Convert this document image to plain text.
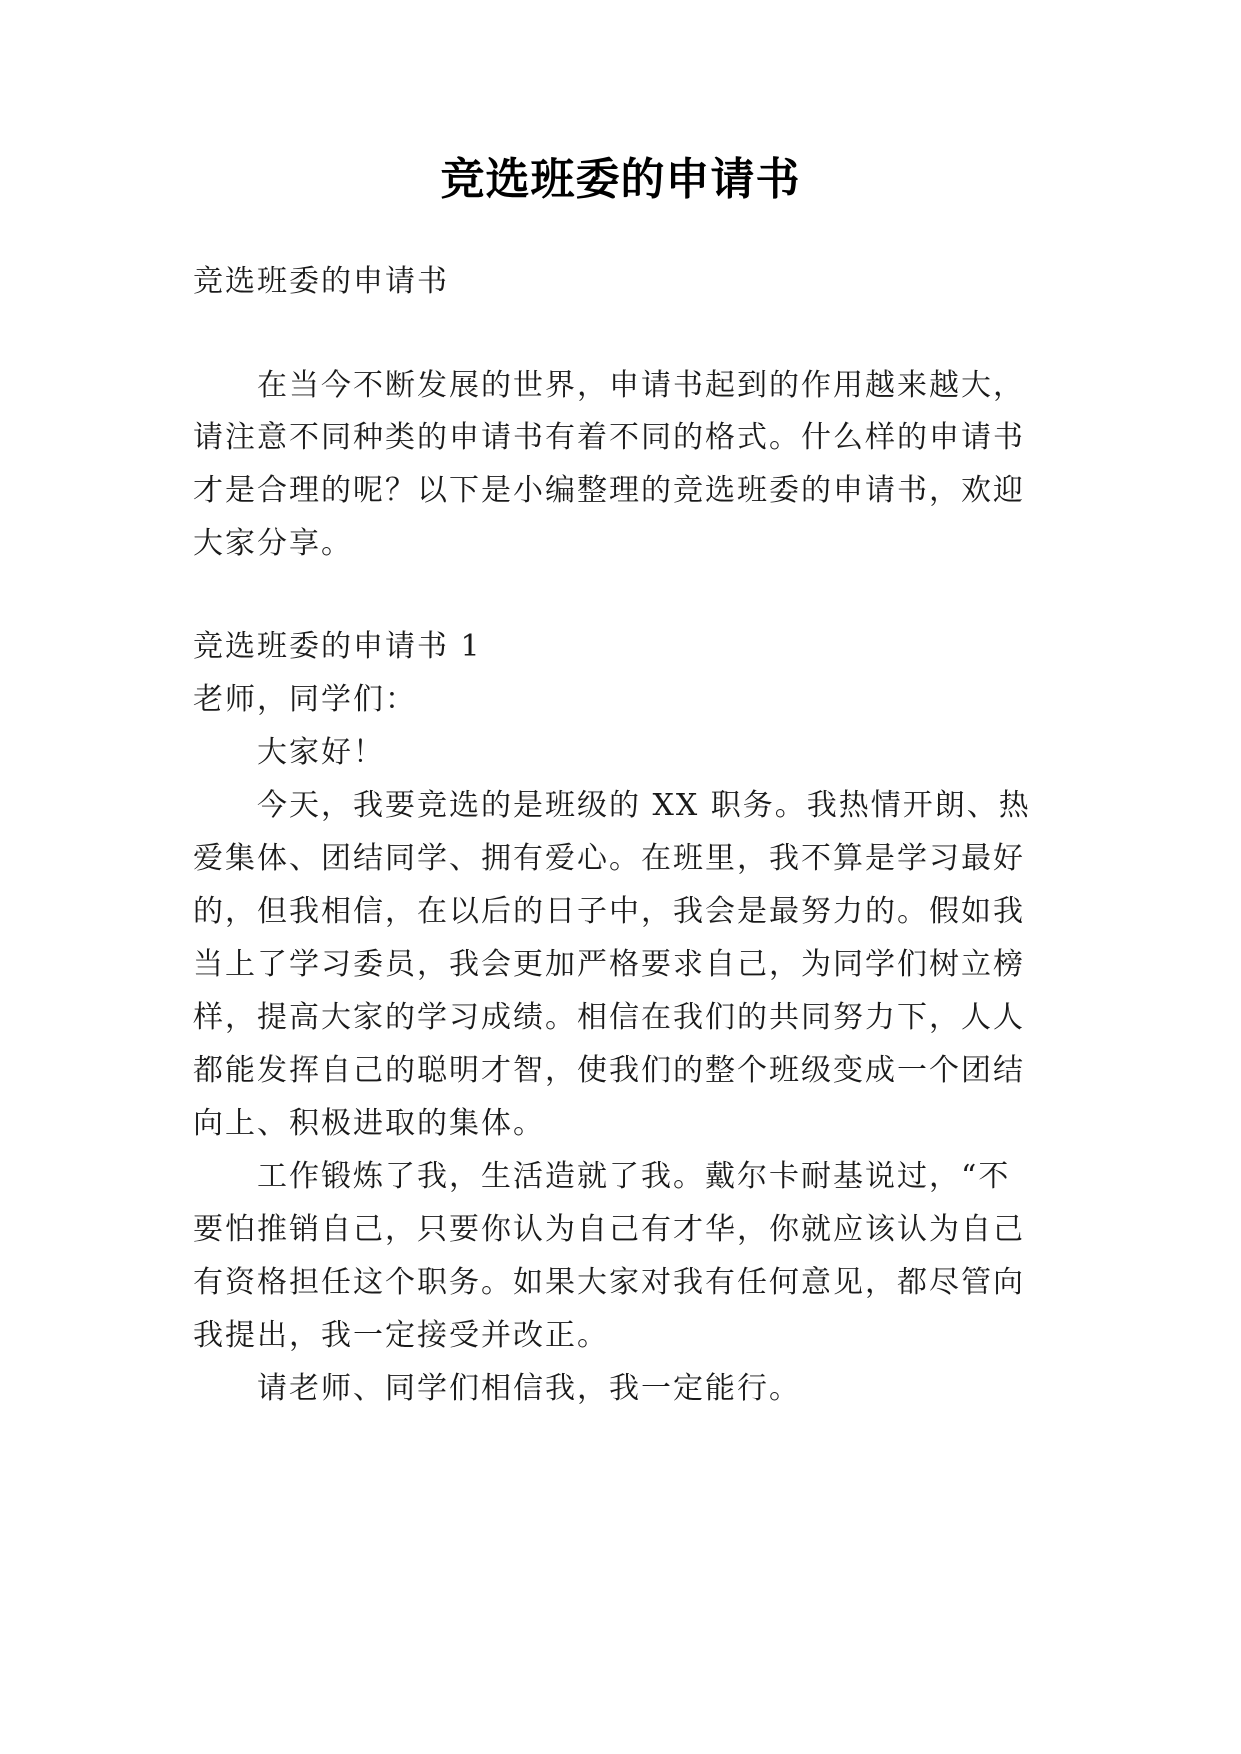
竞选班委的申请书
竞选班委的申请书
在当今不断发展的世界，申请书起到的作用越来越大，
请注意不同种类的申请书有着不同的格式。什么样的申请书
才是合理的呢？以下是小编整理的竞选班委的申请书，欢迎
大家分享。
竞选班委的申请书 1
老师，同学们：
大家好！
今天，我要竞选的是班级的 XX 职务。我热情开朗、热
爱集体、团结同学、拥有爱心。在班里，我不算是学习最好
的，但我相信，在以后的日子中，我会是最努力的。假如我
当上了学习委员，我会更加严格要求自己，为同学们树立榜
样，提高大家的学习成绩。相信在我们的共同努力下，人人
都能发挥自己的聪明才智，使我们的整个班级变成一个团结
向上、积极进取的集体。
工作锻炼了我，生活造就了我。戴尔卡耐基说过，“不
要怕推销自己，只要你认为自己有才华，你就应该认为自己
有资格担任这个职务。如果大家对我有任何意见，都尽管向
我提出，我一定接受并改正。
请老师、同学们相信我，我一定能行。
